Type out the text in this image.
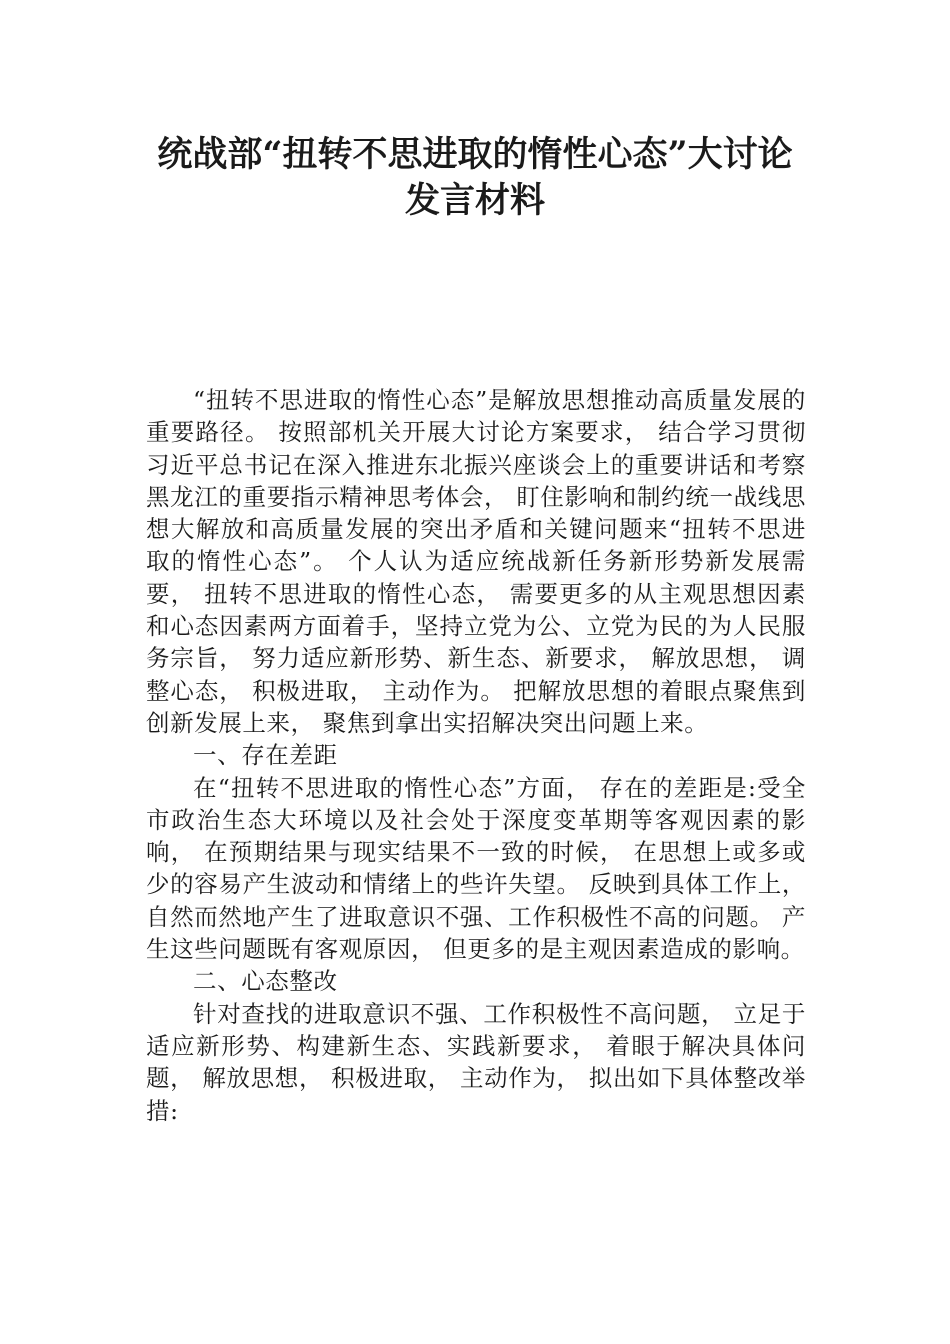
统战部“扭转不思进取的惰性心态”大讨论
发言材料

“扭转不思进取的惰性心态”是解放思想推动高质量发展的重要路径。 按照部机关开展大讨论方案要求， 结合学习贯彻习近平总书记在深入推进东北振兴座谈会上的重要讲话和考察黑龙江的重要指示精神思考体会， 盯住影响和制约统一战线思想大解放和高质量发展的突出矛盾和关键问题来“扭转不思进取的惰性心态”。 个人认为适应统战新任务新形势新发展需要， 扭转不思进取的惰性心态， 需要更多的从主观思想因素和心态因素两方面着手，坚持立党为公、立党为民的为人民服务宗旨， 努力适应新形势、新生态、新要求， 解放思想， 调整心态， 积极进取， 主动作为。 把解放思想的着眼点聚焦到创新发展上来， 聚焦到拿出实招解决突出问题上来。

一、存在差距

在“扭转不思进取的惰性心态”方面， 存在的差距是:受全市政治生态大环境以及社会处于深度变革期等客观因素的影响， 在预期结果与现实结果不一致的时候， 在思想上或多或少的容易产生波动和情绪上的些许失望。 反映到具体工作上， 自然而然地产生了进取意识不强、工作积极性不高的问题。 产生这些问题既有客观原因， 但更多的是主观因素造成的影响。

二、心态整改

针对查找的进取意识不强、工作积极性不高问题， 立足于适应新形势、构建新生态、实践新要求， 着眼于解决具体问题， 解放思想， 积极进取， 主动作为， 拟出如下具体整改举措:
